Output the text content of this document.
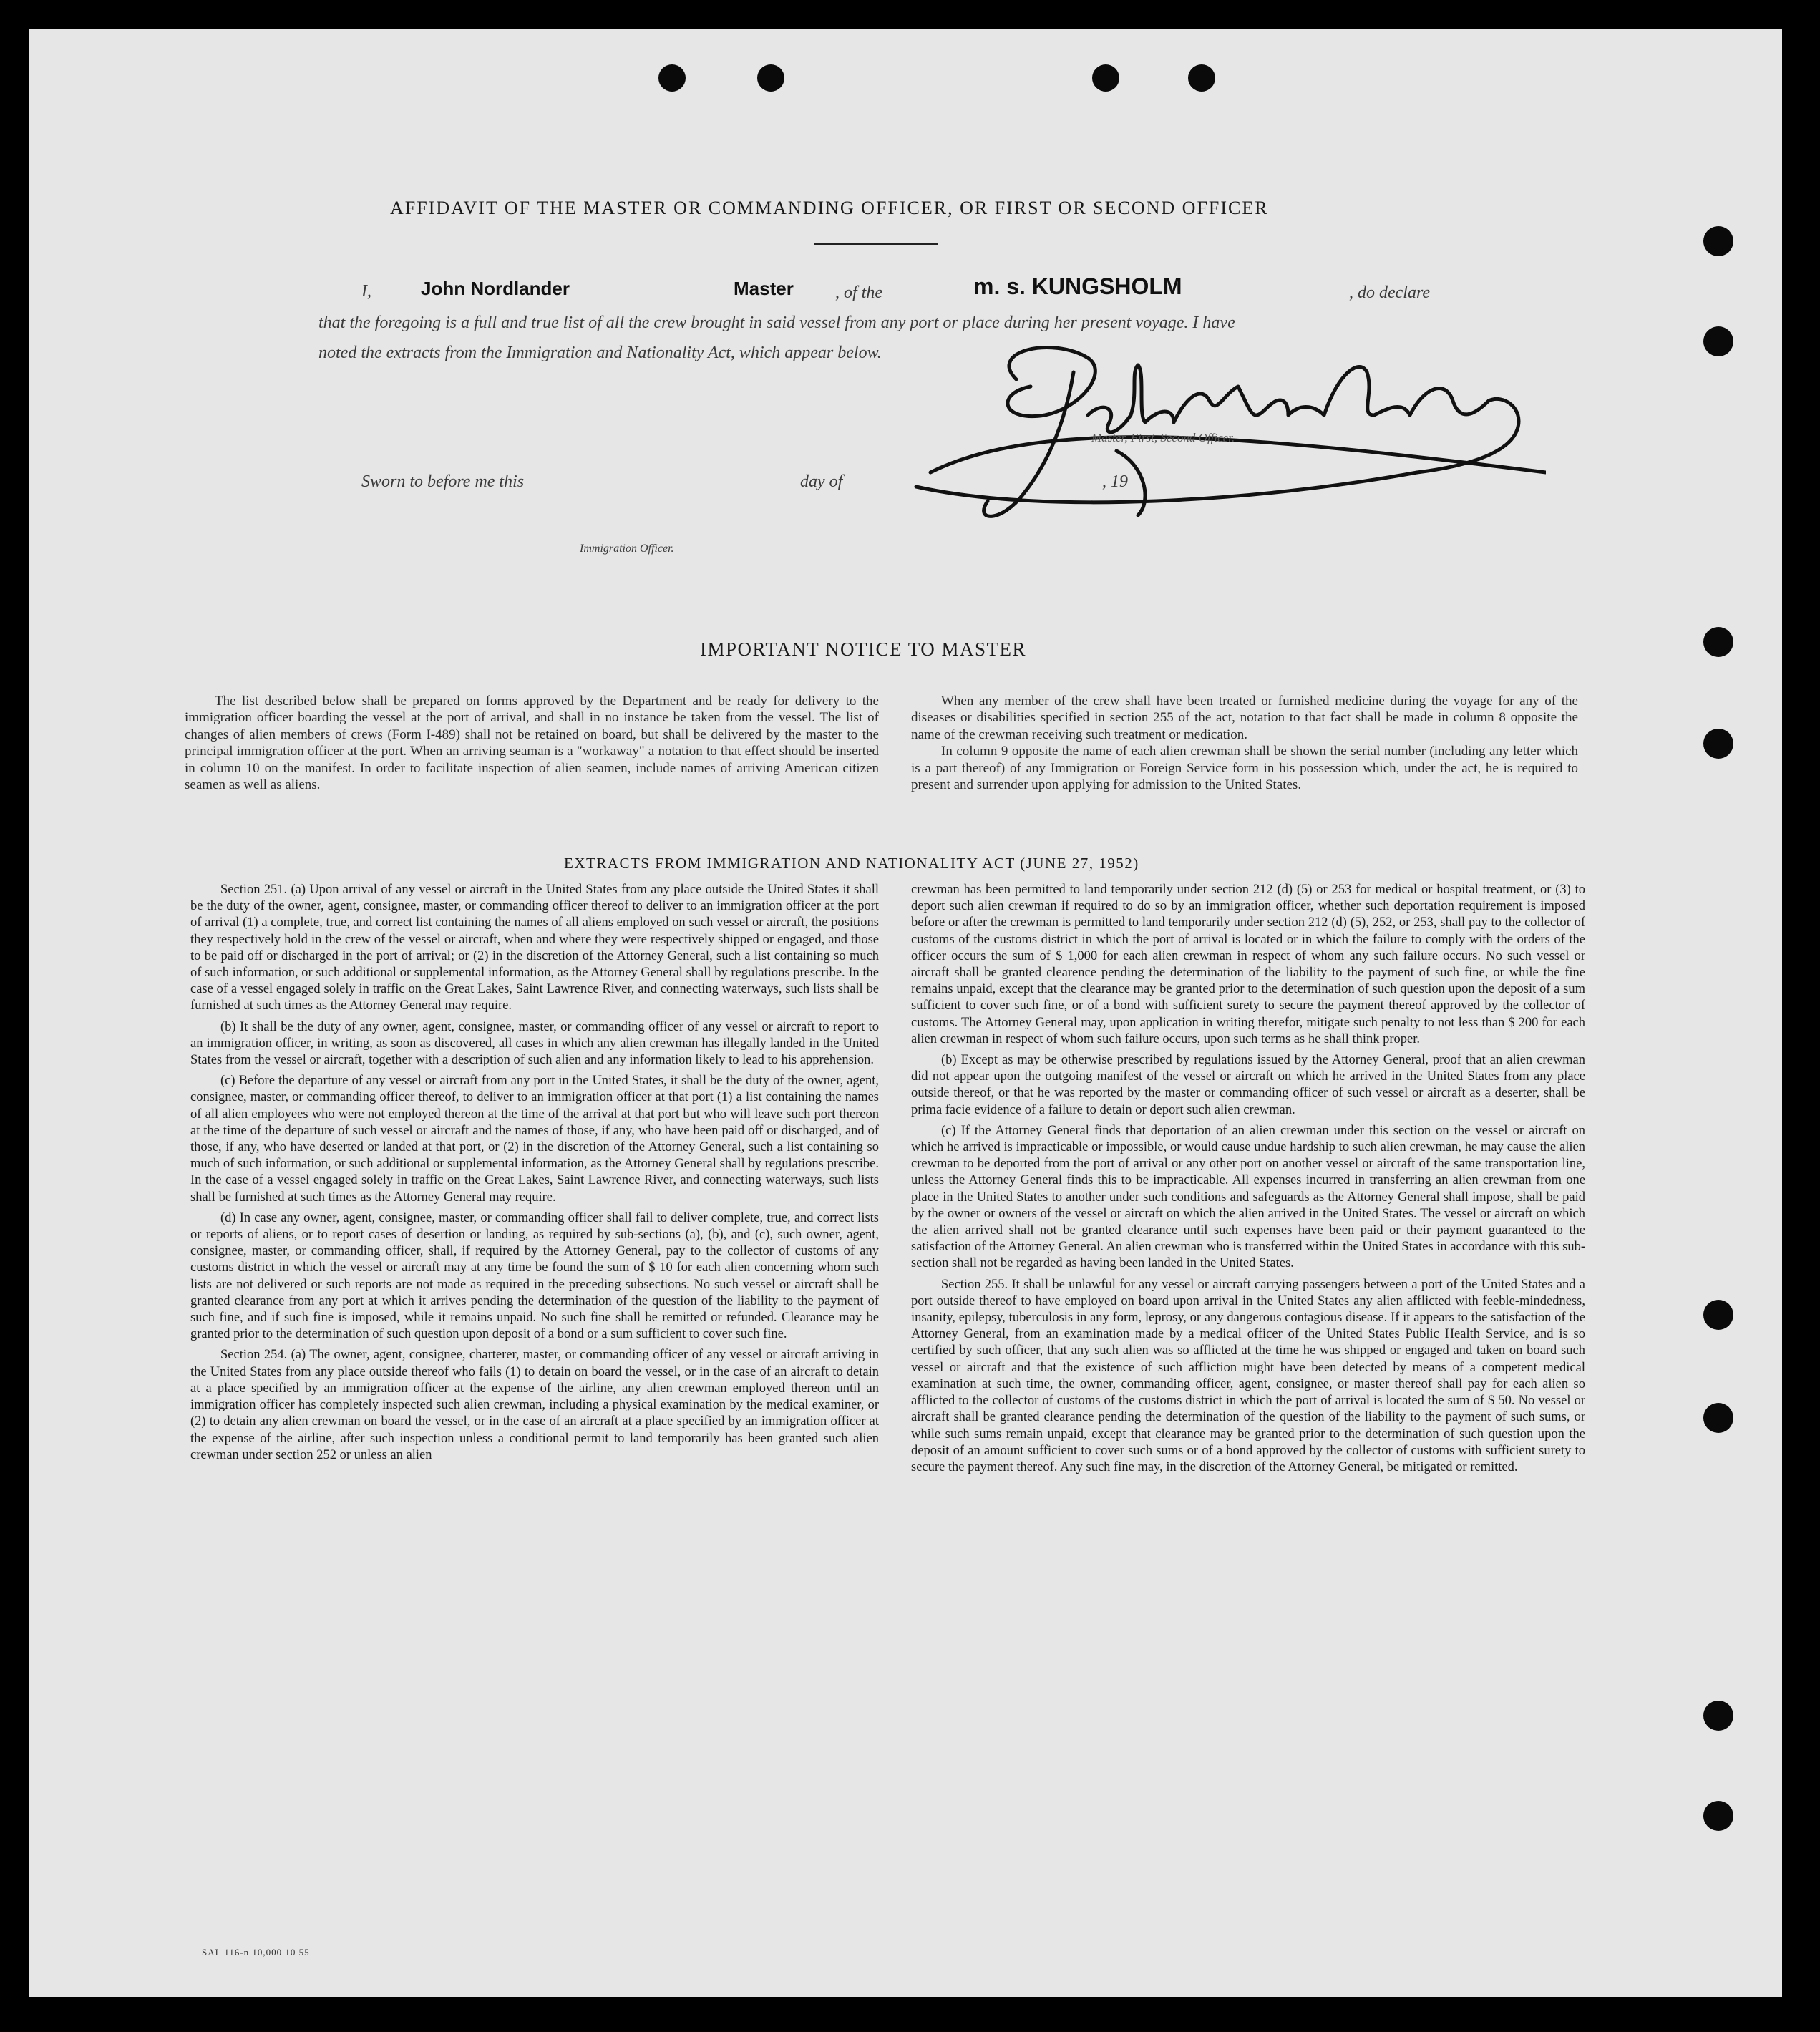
AFFIDAVIT OF THE MASTER OR COMMANDING OFFICER, OR FIRST OR SECOND OFFICER
I,	John Nordlander	Master , of the	m. s. KUNGSHOLM	, do declare
that the foregoing is a full and true list of all the crew brought in said vessel from any port or place during her present voyage. I have
noted the extracts from the Immigration and Nationality Act, which appear below.
Master, First, Second Officer.
Sworn to before me this	day of	, 19
Immigration Officer.
IMPORTANT NOTICE TO MASTER

The list described below shall be prepared on forms approved by the Department and be ready for delivery to the immigration officer boarding the vessel at the port of arrival, and shall in no instance be taken from the vessel. The list of changes of alien members of crews (Form I-489) shall not be retained on board, but shall be delivered by the master to the principal immigration officer at the port. When an arriving seaman is a "workaway" a notation to that effect should be inserted in column 10 on the manifest. In order to facilitate inspection of alien seamen, include names of arriving American citizen seamen as well as aliens.

When any member of the crew shall have been treated or furnished medicine during the voyage for any of the diseases or disabilities specified in section 255 of the act, notation to that fact shall be made in column 8 opposite the name of the crewman receiving such treatment or medication.

In column 9 opposite the name of each alien crewman shall be shown the serial number (including any letter which is a part thereof) of any Immigration or Foreign Service form in his possession which, under the act, he is required to present and surrender upon applying for admission to the United States.

EXTRACTS FROM IMMIGRATION AND NATIONALITY ACT (JUNE 27, 1952)

Section 251. (a) Upon arrival of any vessel or aircraft in the United States from any place outside the United States it shall be the duty of the owner, agent, consignee, master, or commanding officer thereof to deliver to an immigration officer at the port of arrival (1) a complete, true, and correct list containing the names of all aliens employed on such vessel or aircraft, the positions they respectively hold in the crew of the vessel or aircraft, when and where they were respectively shipped or engaged, and those to be paid off or discharged in the port of arrival; or (2) in the discretion of the Attorney General, such a list containing so much of such information, or such additional or supplemental information, as the Attorney General shall by regulations prescribe. In the case of a vessel engaged solely in traffic on the Great Lakes, Saint Lawrence River, and connecting waterways, such lists shall be furnished at such times as the Attorney General may require.

(b) It shall be the duty of any owner, agent, consignee, master, or commanding officer of any vessel or aircraft to report to an immigration officer, in writing, as soon as discovered, all cases in which any alien crewman has illegally landed in the United States from the vessel or aircraft, together with a description of such alien and any information likely to lead to his apprehension.

(c) Before the departure of any vessel or aircraft from any port in the United States, it shall be the duty of the owner, agent, consignee, master, or commanding officer thereof, to deliver to an immigration officer at that port (1) a list containing the names of all alien employees who were not employed thereon at the time of the arrival at that port but who will leave such port thereon at the time of the departure of such vessel or aircraft and the names of those, if any, who have been paid off or discharged, and of those, if any, who have deserted or landed at that port, or (2) in the discretion of the Attorney General, such a list containing so much of such information, or such additional or supplemental information, as the Attorney General shall by regulations prescribe. In the case of a vessel engaged solely in traffic on the Great Lakes, Saint Lawrence River, and connecting waterways, such lists shall be furnished at such times as the Attorney General may require.

(d) In case any owner, agent, consignee, master, or commanding officer shall fail to deliver complete, true, and correct lists or reports of aliens, or to report cases of desertion or landing, as required by sub-sections (a), (b), and (c), such owner, agent, consignee, master, or commanding officer, shall, if required by the Attorney General, pay to the collector of customs of any customs district in which the vessel or aircraft may at any time be found the sum of $ 10 for each alien concerning whom such lists are not delivered or such reports are not made as required in the preceding subsections. No such vessel or aircraft shall be granted clearance from any port at which it arrives pending the determination of the question of the liability to the payment of such fine, and if such fine is imposed, while it remains unpaid. No such fine shall be remitted or refunded. Clearance may be granted prior to the determination of such question upon deposit of a bond or a sum sufficient to cover such fine.

Section 254. (a) The owner, agent, consignee, charterer, master, or commanding officer of any vessel or aircraft arriving in the United States from any place outside thereof who fails (1) to detain on board the vessel, or in the case of an aircraft to detain at a place specified by an immigration officer at the expense of the airline, any alien crewman employed thereon until an immigration officer has completely inspected such alien crewman, including a physical examination by the medical examiner, or (2) to detain any alien crewman on board the vessel, or in the case of an aircraft at a place specified by an immigration officer at the expense of the airline, after such inspection unless a conditional permit to land temporarily has been granted such alien crewman under section 252 or unless an alien

crewman has been permitted to land temporarily under section 212 (d) (5) or 253 for medical or hospital treatment, or (3) to deport such alien crewman if required to do so by an immigration officer, whether such deportation requirement is imposed before or after the crewman is permitted to land temporarily under section 212 (d) (5), 252, or 253, shall pay to the collector of customs of the customs district in which the port of arrival is located or in which the failure to comply with the orders of the officer occurs the sum of $ 1,000 for each alien crewman in respect of whom any such failure occurs. No such vessel or aircraft shall be granted clearence pending the determination of the liability to the payment of such fine, or while the fine remains unpaid, except that the clearance may be granted prior to the determination of such question upon the deposit of a sum sufficient to cover such fine, or of a bond with sufficient surety to secure the payment thereof approved by the collector of customs. The Attorney General may, upon application in writing therefor, mitigate such penalty to not less than $ 200 for each alien crewman in respect of whom such failure occurs, upon such terms as he shall think proper.

(b) Except as may be otherwise prescribed by regulations issued by the Attorney General, proof that an alien crewman did not appear upon the outgoing manifest of the vessel or aircraft on which he arrived in the United States from any place outside thereof, or that he was reported by the master or commanding officer of such vessel or aircraft as a deserter, shall be prima facie evidence of a failure to detain or deport such alien crewman.

(c) If the Attorney General finds that deportation of an alien crewman under this section on the vessel or aircraft on which he arrived is impracticable or impossible, or would cause undue hardship to such alien crewman, he may cause the alien crewman to be deported from the port of arrival or any other port on another vessel or aircraft of the same transportation line, unless the Attorney General finds this to be impracticable. All expenses incurred in transferring an alien crewman from one place in the United States to another under such conditions and safeguards as the Attorney General shall impose, shall be paid by the owner or owners of the vessel or aircraft on which the alien arrived in the United States. The vessel or aircraft on which the alien arrived shall not be granted clearance until such expenses have been paid or their payment guaranteed to the satisfaction of the Attorney General. An alien crewman who is transferred within the United States in accordance with this sub-section shall not be regarded as having been landed in the United States.

Section 255. It shall be unlawful for any vessel or aircraft carrying passengers between a port of the United States and a port outside thereof to have employed on board upon arrival in the United States any alien afflicted with feeble-mindedness, insanity, epilepsy, tuberculosis in any form, leprosy, or any dangerous contagious disease. If it appears to the satisfaction of the Attorney General, from an examination made by a medical officer of the United States Public Health Service, and is so certified by such officer, that any such alien was so afflicted at the time he was shipped or engaged and taken on board such vessel or aircraft and that the existence of such affliction might have been detected by means of a competent medical examination at such time, the owner, commanding officer, agent, consignee, or master thereof shall pay for each alien so afflicted to the collector of customs of the customs district in which the port of arrival is located the sum of $ 50. No vessel or aircraft shall be granted clearance pending the determination of the question of the liability to the payment of such sums, or while such sums remain unpaid, except that clearance may be granted prior to the determination of such question upon the deposit of an amount sufficient to cover such sums or of a bond approved by the collector of customs with sufficient surety to secure the payment thereof. Any such fine may, in the discretion of the Attorney General, be mitigated or remitted.

SAL 116-n 10,000 10 55
